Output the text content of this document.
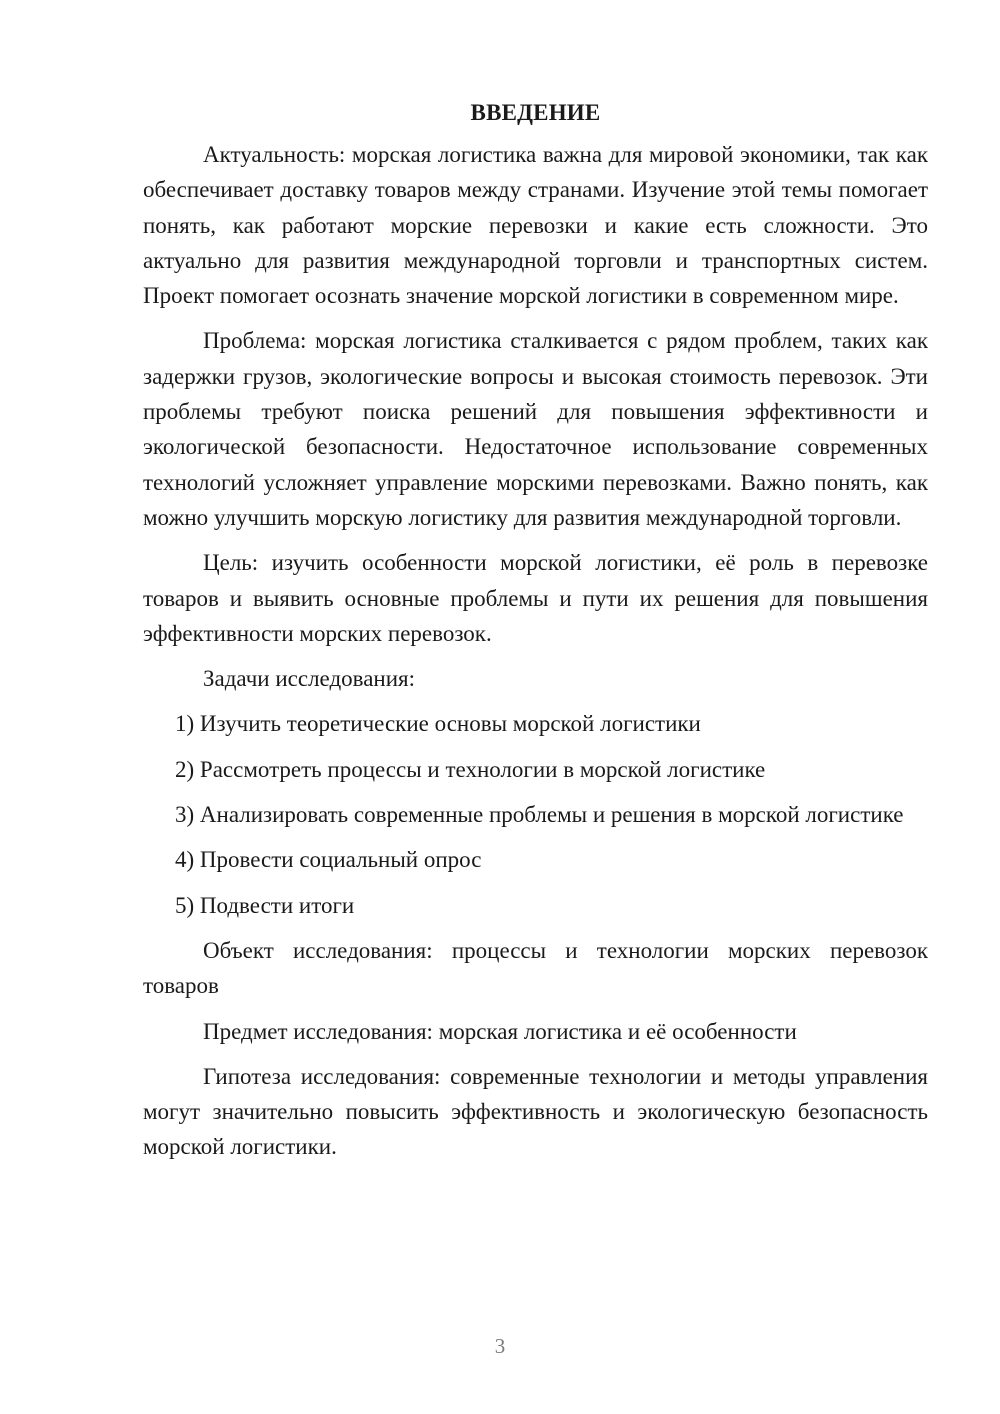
ВВЕДЕНИЕ

Актуальность: морская логистика важна для мировой экономики, так как обеспечивает доставку товаров между странами. Изучение этой темы помогает понять, как работают морские перевозки и какие есть сложности. Это актуально для развития международной торговли и транспортных систем. Проект помогает осознать значение морской логистики в современном мире.

Проблема: морская логистика сталкивается с рядом проблем, таких как задержки грузов, экологические вопросы и высокая стоимость перевозок. Эти проблемы требуют поиска решений для повышения эффективности и экологической безопасности. Недостаточное использование современных технологий усложняет управление морскими перевозками. Важно понять, как можно улучшить морскую логистику для развития международной торговли.

Цель: изучить особенности морской логистики, её роль в перевозке товаров и выявить основные проблемы и пути их решения для повышения эффективности морских перевозок.

Задачи исследования:

1) Изучить теоретические основы морской логистики

2) Рассмотреть процессы и технологии в морской логистике

3) Анализировать современные проблемы и решения в морской логистике

4) Провести социальный опрос

5) Подвести итоги

Объект исследования: процессы и технологии морских перевозок товаров

Предмет исследования: морская логистика и её особенности

Гипотеза исследования: современные технологии и методы управления могут значительно повысить эффективность и экологическую безопасность морской логистики.

3
